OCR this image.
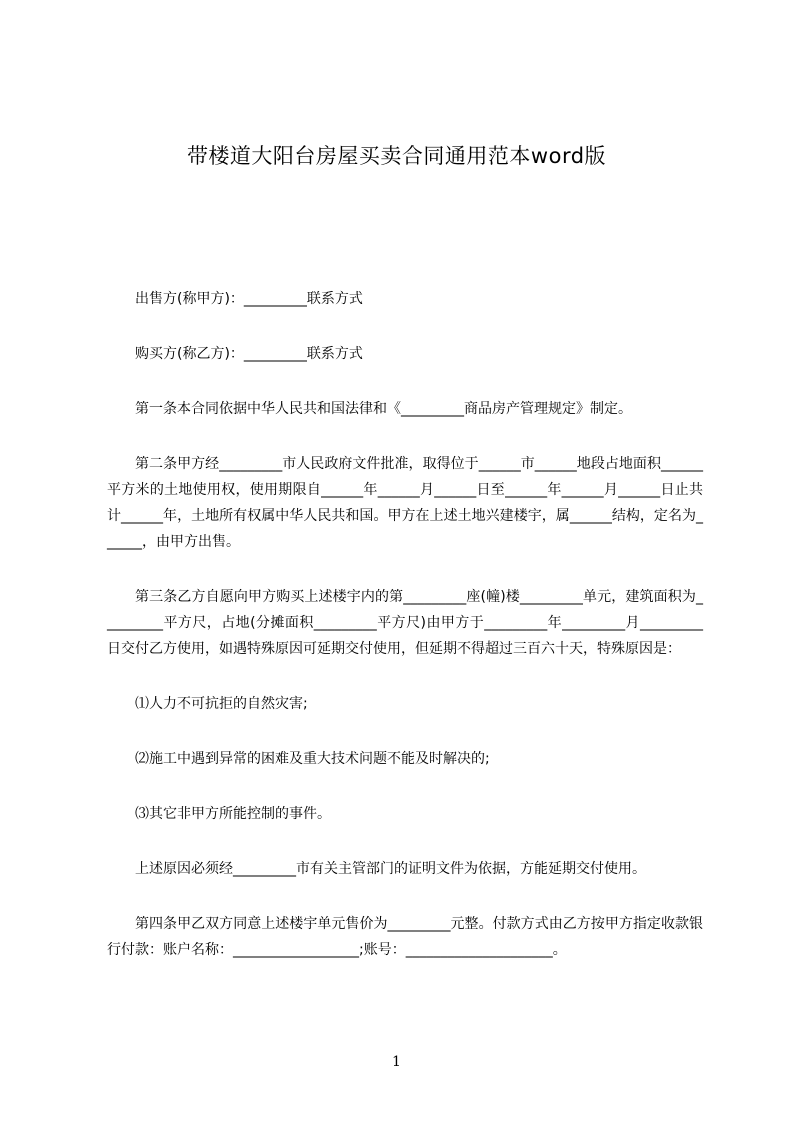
带楼道大阳台房屋买卖合同通用范本word版

出售方(称甲方)：_________联系方式

购买方(称乙方)：_________联系方式

第一条本合同依据中华人民共和国法律和《_________商品房产管理规定》制定。

第二条甲方经_________市人民政府文件批准，取得位于______市______地段占地面积______平方米的土地使用权，使用期限自______年______月______日至______年______月______日止共计______年，土地所有权属中华人民共和国。甲方在上述土地兴建楼宇，属______结构，定名为______，由甲方出售。

第三条乙方自愿向甲方购买上述楼宇内的第_________座(幢)楼_________单元，建筑面积为_________平方尺，占地(分摊面积_________平方尺)由甲方于_________年_________月_________日交付乙方使用，如遇特殊原因可延期交付使用，但延期不得超过三百六十天，特殊原因是：

⑴人力不可抗拒的自然灾害;

⑵施工中遇到异常的困难及重大技术问题不能及时解决的;

⑶其它非甲方所能控制的事件。

上述原因必须经_________市有关主管部门的证明文件为依据，方能延期交付使用。

第四条甲乙双方同意上述楼宇单元售价为_________元整。付款方式由乙方按甲方指定收款银行付款：账户名称：__________________;账号：_____________________。

1
